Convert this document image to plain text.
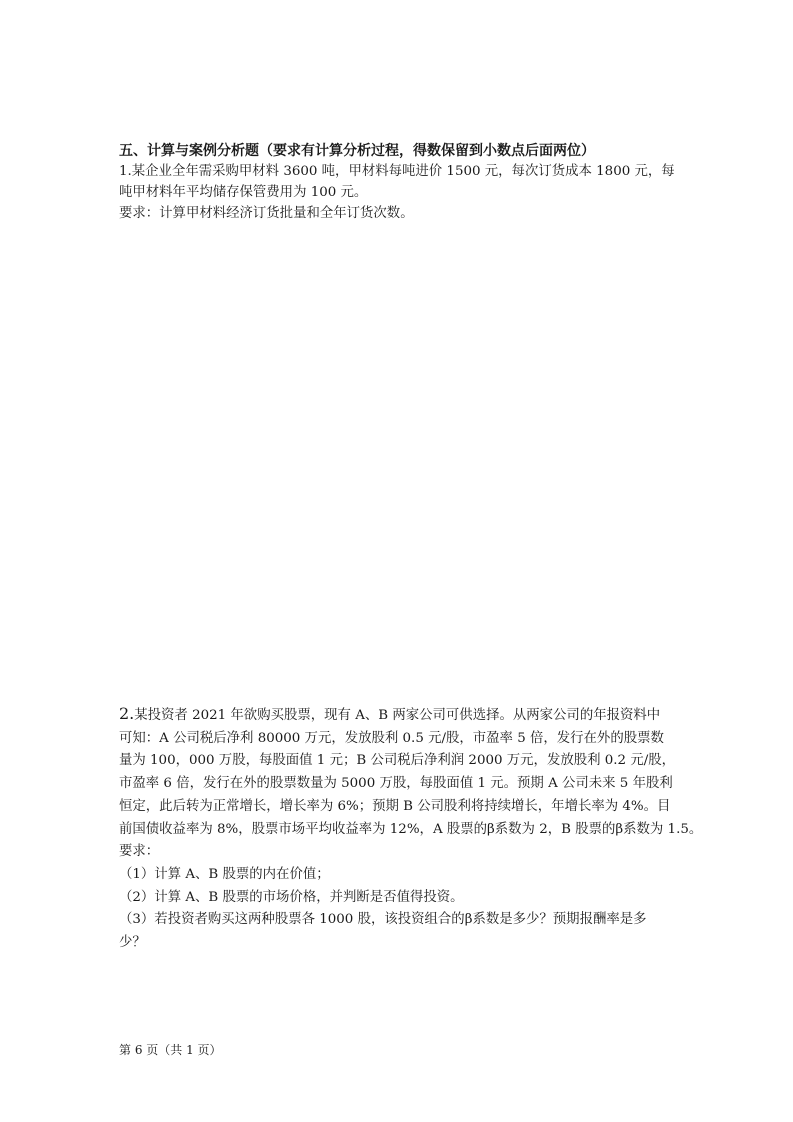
五、计算与案例分析题（要求有计算分析过程，得数保留到小数点后面两位）

1.某企业全年需采购甲材料 3600 吨，甲材料每吨进价 1500 元，每次订货成本 1800 元，每

吨甲材料年平均储存保管费用为 100 元。

要求：计算甲材料经济订货批量和全年订货次数。

2.某投资者 2021 年欲购买股票，现有 A、B 两家公司可供选择。从两家公司的年报资料中

可知：A 公司税后净利 80000 万元，发放股利 0.5 元/股，市盈率 5 倍，发行在外的股票数

量为 100，000 万股，每股面值 1 元；B 公司税后净利润 2000 万元，发放股利 0.2 元/股，

市盈率 6 倍，发行在外的股票数量为 5000 万股，每股面值 1 元。预期 A 公司未来 5 年股利

恒定，此后转为正常增长，增长率为 6%；预期 B 公司股利将持续增长，年增长率为 4%。目

前国债收益率为 8%，股票市场平均收益率为 12%，A 股票的β系数为 2，B 股票的β系数为 1.5。

要求：

（1）计算 A、B 股票的内在价值；

（2）计算 A、B 股票的市场价格，并判断是否值得投资。

（3）若投资者购买这两种股票各 1000 股，该投资组合的β系数是多少？预期报酬率是多

少？

第 6 页（共 1 页）
